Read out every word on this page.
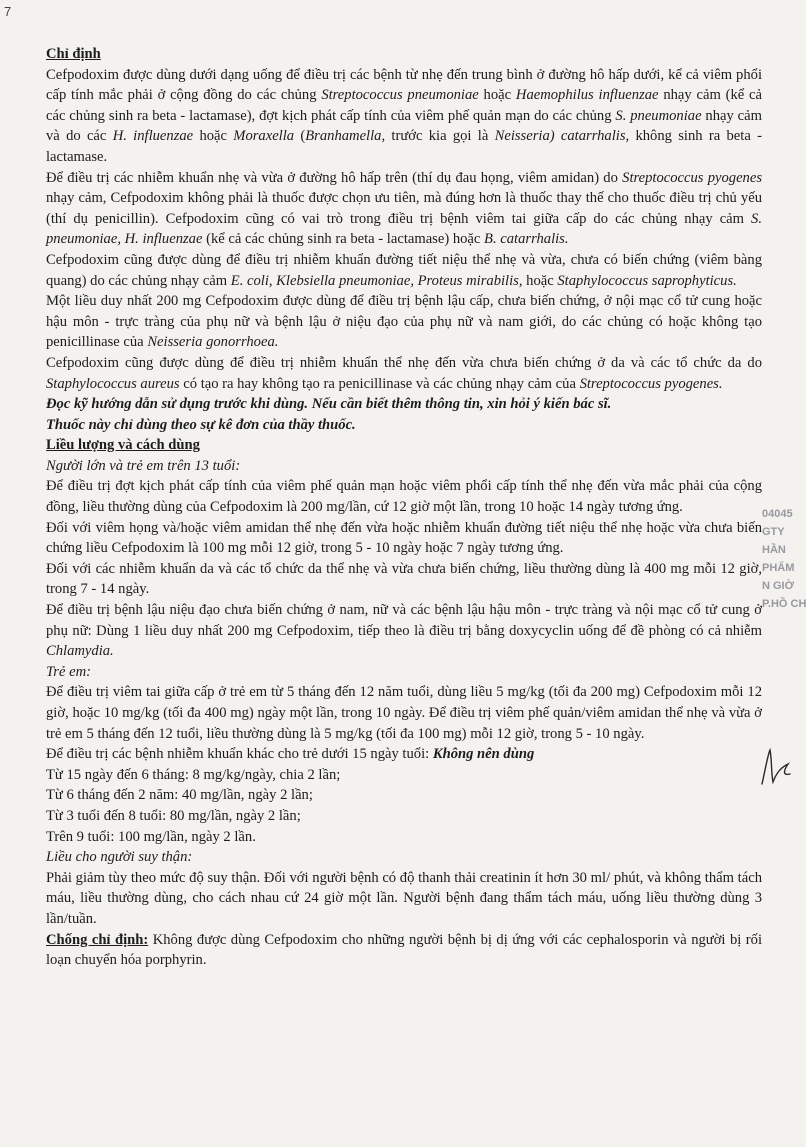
7

Chỉ định

Cefpodoxim được dùng dưới dạng uống để điều trị các bệnh từ nhẹ đến trung bình ở đường hô hấp dưới, kể cả viêm phổi cấp tính mắc phải ở cộng đồng do các chủng Streptococcus pneumoniae hoặc Haemophilus influenzae nhạy cảm (kể cả các chủng sinh ra beta - lactamase), đợt kịch phát cấp tính của viêm phế quản mạn do các chủng S. pneumoniae nhạy cảm và do các H. influenzae hoặc Moraxella (Branhamella, trước kia gọi là Neisseria) catarrhalis, không sinh ra beta - lactamase.

Để điều trị các nhiễm khuẩn nhẹ và vừa ở đường hô hấp trên (thí dụ đau họng, viêm amidan) do Streptococcus pyogenes nhạy cảm, Cefpodoxim không phải là thuốc được chọn ưu tiên, mà đúng hơn là thuốc thay thế cho thuốc điều trị chủ yếu (thí dụ penicillin). Cefpodoxim cũng có vai trò trong điều trị bệnh viêm tai giữa cấp do các chủng nhạy cảm S. pneumoniae, H. influenzae (kể cả các chủng sinh ra beta - lactamase) hoặc B. catarrhalis.

Cefpodoxim cũng được dùng để điều trị nhiễm khuẩn đường tiết niệu thể nhẹ và vừa, chưa có biến chứng (viêm bàng quang) do các chủng nhạy cảm E. coli, Klebsiella pneumoniae, Proteus mirabilis, hoặc Staphylococcus saprophyticus.

Một liều duy nhất 200 mg Cefpodoxim được dùng để điều trị bệnh lậu cấp, chưa biến chứng, ở nội mạc cổ tử cung hoặc hậu môn - trực tràng của phụ nữ và bệnh lậu ở niệu đạo của phụ nữ và nam giới, do các chủng có hoặc không tạo penicillinase của Neisseria gonorrhoea.

Cefpodoxim cũng được dùng để điều trị nhiễm khuẩn thể nhẹ đến vừa chưa biến chứng ở da và các tổ chức da do Staphylococcus aureus có tạo ra hay không tạo ra penicillinase và các chủng nhạy cảm của Streptococcus pyogenes.

Đọc kỹ hướng dẫn sử dụng trước khi dùng. Nếu cần biết thêm thông tin, xin hỏi ý kiến bác sĩ.

Thuốc này chỉ dùng theo sự kê đơn của thầy thuốc.

Liều lượng và cách dùng

Người lớn và trẻ em trên 13 tuổi:

Để điều trị đợt kịch phát cấp tính của viêm phế quản mạn hoặc viêm phổi cấp tính thể nhẹ đến vừa mắc phải của cộng đồng, liều thường dùng của Cefpodoxim là 200 mg/lần, cứ 12 giờ một lần, trong 10 hoặc 14 ngày tương ứng.

Đối với viêm họng và/hoặc viêm amidan thể nhẹ đến vừa hoặc nhiễm khuẩn đường tiết niệu thể nhẹ hoặc vừa chưa biến chứng liều Cefpodoxim là 100 mg mỗi 12 giờ, trong 5 - 10 ngày hoặc 7 ngày tương ứng.

Đối với các nhiễm khuẩn da và các tổ chức da thể nhẹ và vừa chưa biến chứng, liều thường dùng là 400 mg mỗi 12 giờ, trong 7 - 14 ngày.

Để điều trị bệnh lậu niệu đạo chưa biến chứng ở nam, nữ và các bệnh lậu hậu môn - trực tràng và nội mạc cổ tử cung ở phụ nữ: Dùng 1 liều duy nhất 200 mg Cefpodoxim, tiếp theo là điều trị bằng doxycyclin uống để đề phòng có cả nhiễm Chlamydia.

Trẻ em:

Để điều trị viêm tai giữa cấp ở trẻ em từ 5 tháng đến 12 năm tuổi, dùng liều 5 mg/kg (tối đa 200 mg) Cefpodoxim mỗi 12 giờ, hoặc 10 mg/kg (tối đa 400 mg) ngày một lần, trong 10 ngày. Để điều trị viêm phế quản/viêm amidan thể nhẹ và vừa ở trẻ em 5 tháng đến 12 tuổi, liều thường dùng là 5 mg/kg (tối đa 100 mg) mỗi 12 giờ, trong 5 - 10 ngày.

Để điều trị các bệnh nhiễm khuẩn khác cho trẻ dưới 15 ngày tuổi: Không nên dùng

Từ 15 ngày đến 6 tháng: 8 mg/kg/ngày, chia 2 lần;

Từ 6 tháng đến 2 năm: 40 mg/lần, ngày 2 lần;

Từ 3 tuổi đến 8 tuổi: 80 mg/lần, ngày 2 lần;

Trên 9 tuổi: 100 mg/lần, ngày 2 lần.

Liều cho người suy thận:

Phải giảm tùy theo mức độ suy thận. Đối với người bệnh có độ thanh thải creatinin ít hơn 30 ml/ phút, và không thẩm tách máu, liều thường dùng, cho cách nhau cứ 24 giờ một lần. Người bệnh đang thẩm tách máu, uống liều thường dùng 3 lần/tuần.

Chống chỉ định: Không được dùng Cefpodoxim cho những người bệnh bị dị ứng với các cephalosporin và người bị rối loạn chuyển hóa porphyrin.

04045
GTY
HẦN
PHẨM
N GIỜ
P.HỒ CH
